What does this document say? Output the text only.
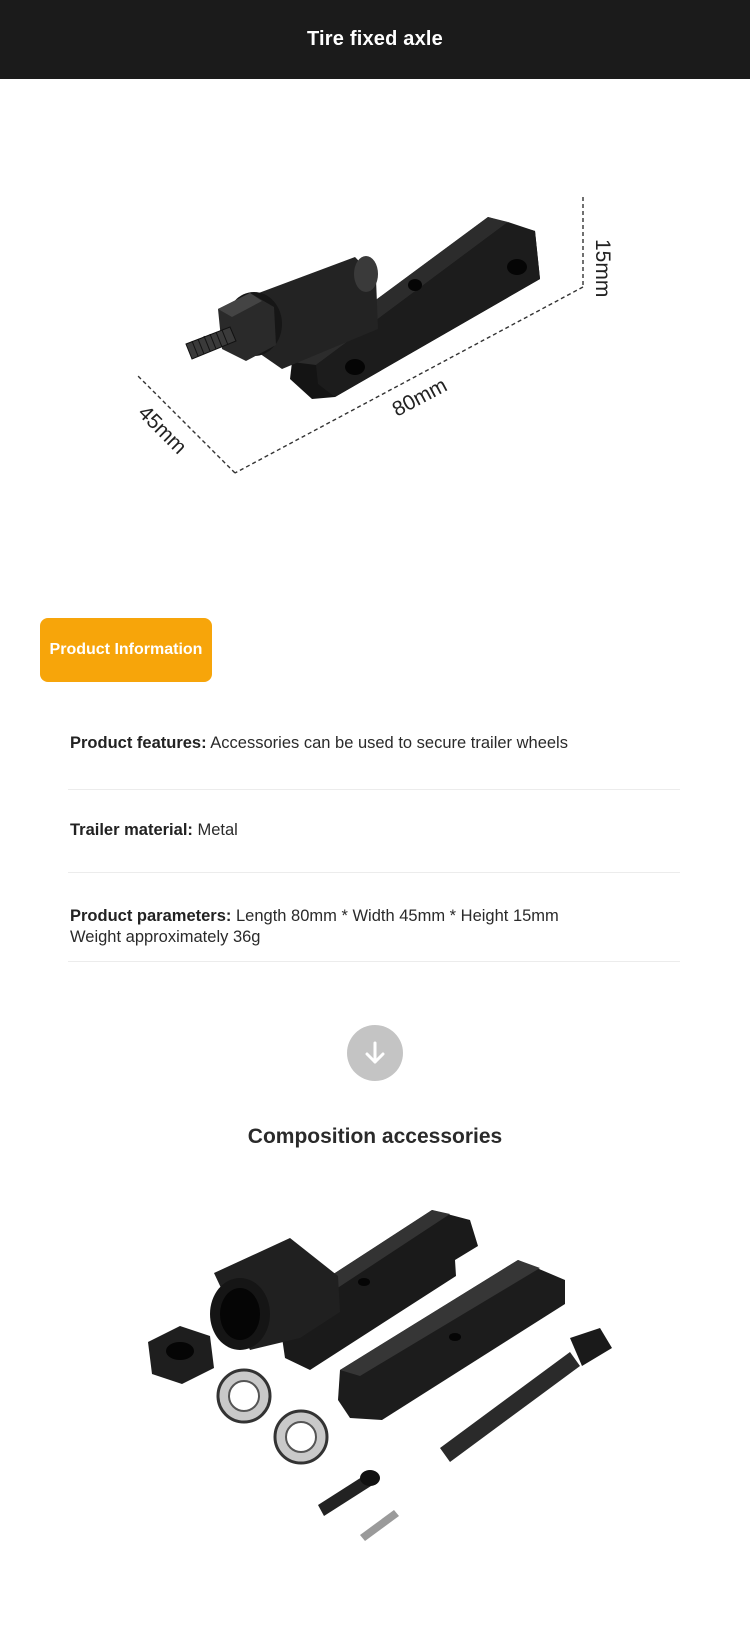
Tire fixed axle
15mm
80mm
45mm
Product Information
Product features: Accessories can be used to secure trailer wheels
Trailer material: Metal
Product parameters: Length 80mm * Width 45mm * Height 15mm
Weight approximately 36g
Composition accessories
